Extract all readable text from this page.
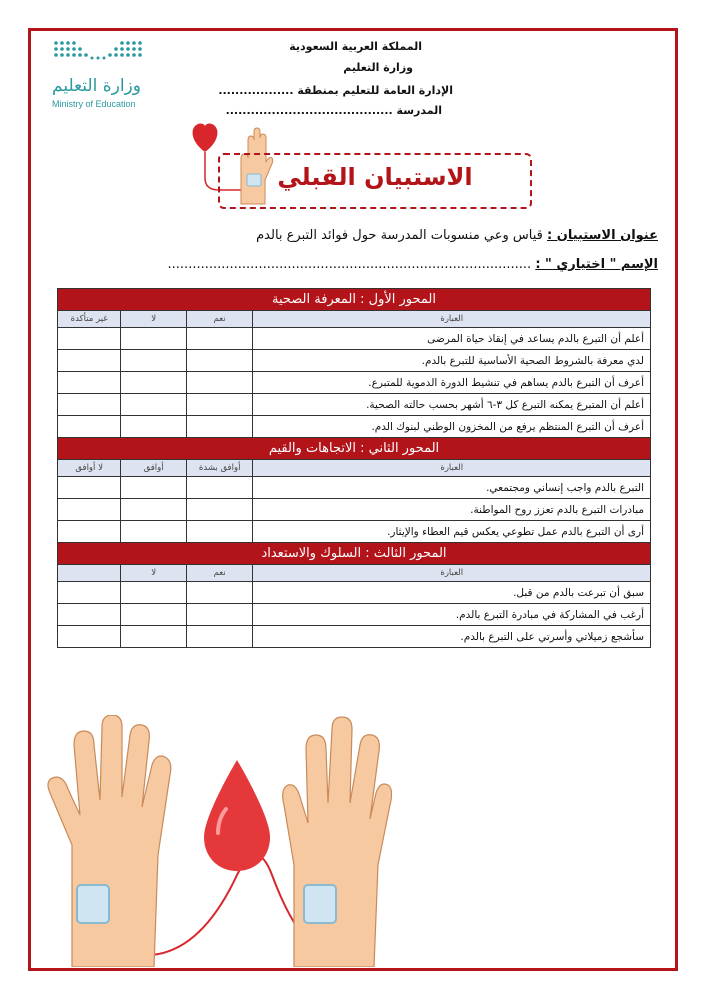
وزارة التعليم
Ministry of Education
المملكة العربية السعودية
وزارة التعليم
الإدارة العامة للتعليم بمنطقة ..................
المدرسة ........................................
الاستبيان القبلي
عنوان الاستبيان : قياس وعي منسوبات المدرسة حول فوائد التبرع بالدم
الإسم " اختياري " : ........................................................................................
المحور الأول : المعرفة الصحية			
العبارة	نعم	لا	غير متأكدة
أعلم أن التبرع بالدم يساعد في إنقاذ حياة المرضى			
لدي معرفة بالشروط الصحية الأساسية للتبرع بالدم.			
أعرف أن التبرع بالدم يساهم في تنشيط الدورة الدموية للمتبرع.			
أعلم أن المتبرع يمكنه التبرع كل ٣-٦ أشهر بحسب حالته الصحية.			
أعرف أن التبرع المنتظم يرفع من المخزون الوطني لبنوك الدم.			
المحور الثاني : الاتجاهات والقيم			
العبارة	أوافق بشدة	أوافق	لا أوافق
التبرع بالدم واجب إنساني ومجتمعي.			
مبادرات التبرع بالدم تعزز روح المواطنة.			
أرى أن التبرع بالدم عمل تطوعي يعكس قيم العطاء والإيثار.			
المحور الثالث : السلوك والاستعداد			
العبارة	نعم	لا	
سبق أن تبرعت بالدم من قبل.			
أرغب في المشاركة في مبادرة التبرع بالدم.			
سأشجع زميلاتي وأسرتي على التبرع بالدم.			
